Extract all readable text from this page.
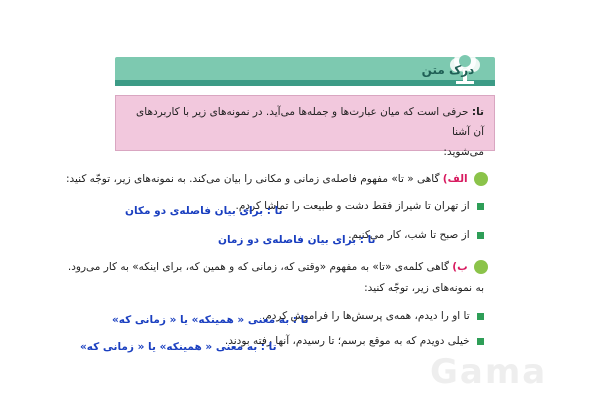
درک متن
تا: حرفی است که میان عبارت‌ها و جمله‌ها می‌آید. در نمونه‌های زیر با کاربردهای آن آشنا
می‌شوید:
الف) گاهی « تا» مفهوم فاصله‌ی زمانی و مکانی را بیان می‌کند. به نمونه‌های زیر، توجّه کنید:
از تهران تا شیراز فقط دشت و طبیعت را تماشا کردم.
تا : برای بیان فاصله‌ی دو مکان
از صبح تا شب، کار می‌کنیم.
تا : برای بیان فاصله‌ی دو زمان
ب) گاهی کلمه‌ی «تا» به مفهوم «وقتی که، زمانی که و همین که، برای اینکه» به کار می‌رود.
به نمونه‌های زیر، توجّه کنید:
تا او را دیدم، همه‌ی پرسش‌ها را فراموش کردم.
تا : به معنی « همینکه» یا « زمانی که»
خیلی دویدم که به موقع برسم؛ تا رسیدم، آنها رفته بودند.
تا : به معنی « همینکه» یا « زمانی که»
Gama
